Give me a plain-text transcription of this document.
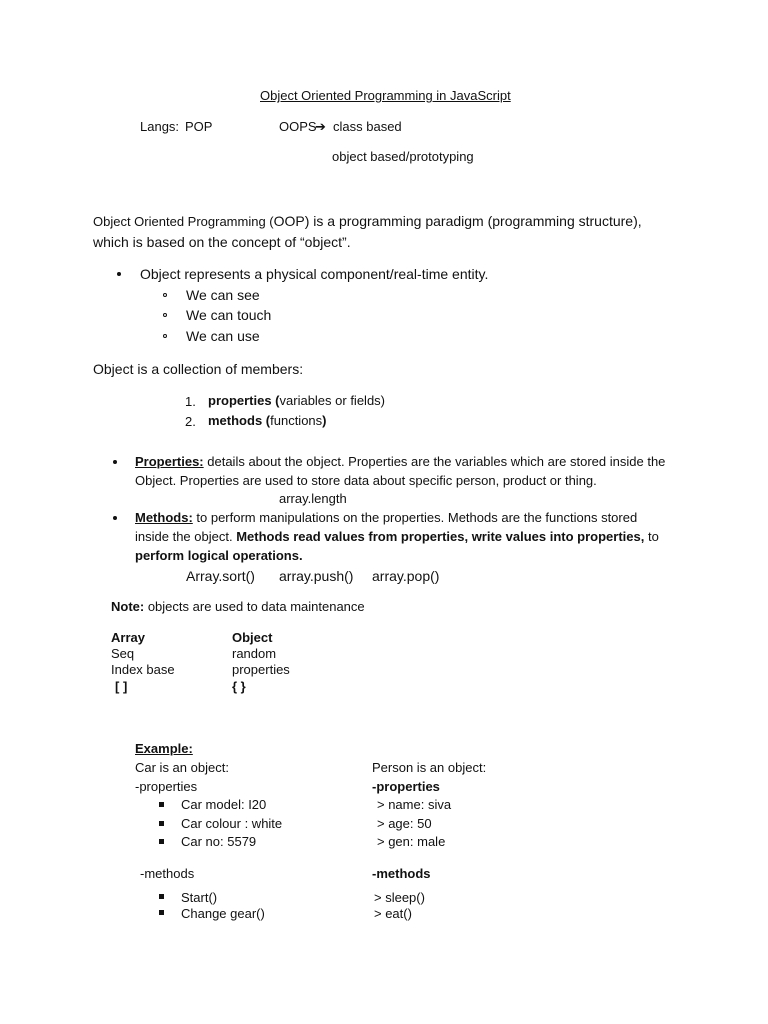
Object Oriented Programming in JavaScript
Langs: POP	OOPS
➔ class based
object based/prototyping
Object Oriented Programming (OOP) is a programming paradigm (programming structure),
which is based on the concept of “object”.
Object represents a physical component/real-time entity.
We can see
We can touch
We can use
Object is a collection of members:
1. properties (variables or fields)
2. methods (functions)
Properties: details about the object. Properties are the variables which are stored inside the
Object. Properties are used to store data about specific person, product or thing.
array.length
Methods: to perform manipulations on the properties. Methods are the functions stored
inside the object. Methods read values from properties, write values into properties, to
perform logical operations.
Array.sort() array.push() array.pop()
Note: objects are used to data maintenance
Array	Object
Seq	random
Index base	properties
[ ]	{ }
Example:
Car is an object:
-properties
Car model: I20
Car colour : white
Car no: 5579
-methods
Start()
Change gear()
Person is an object:
-properties
> name: siva
> age: 50
> gen: male
-methods
> sleep()
> eat()
